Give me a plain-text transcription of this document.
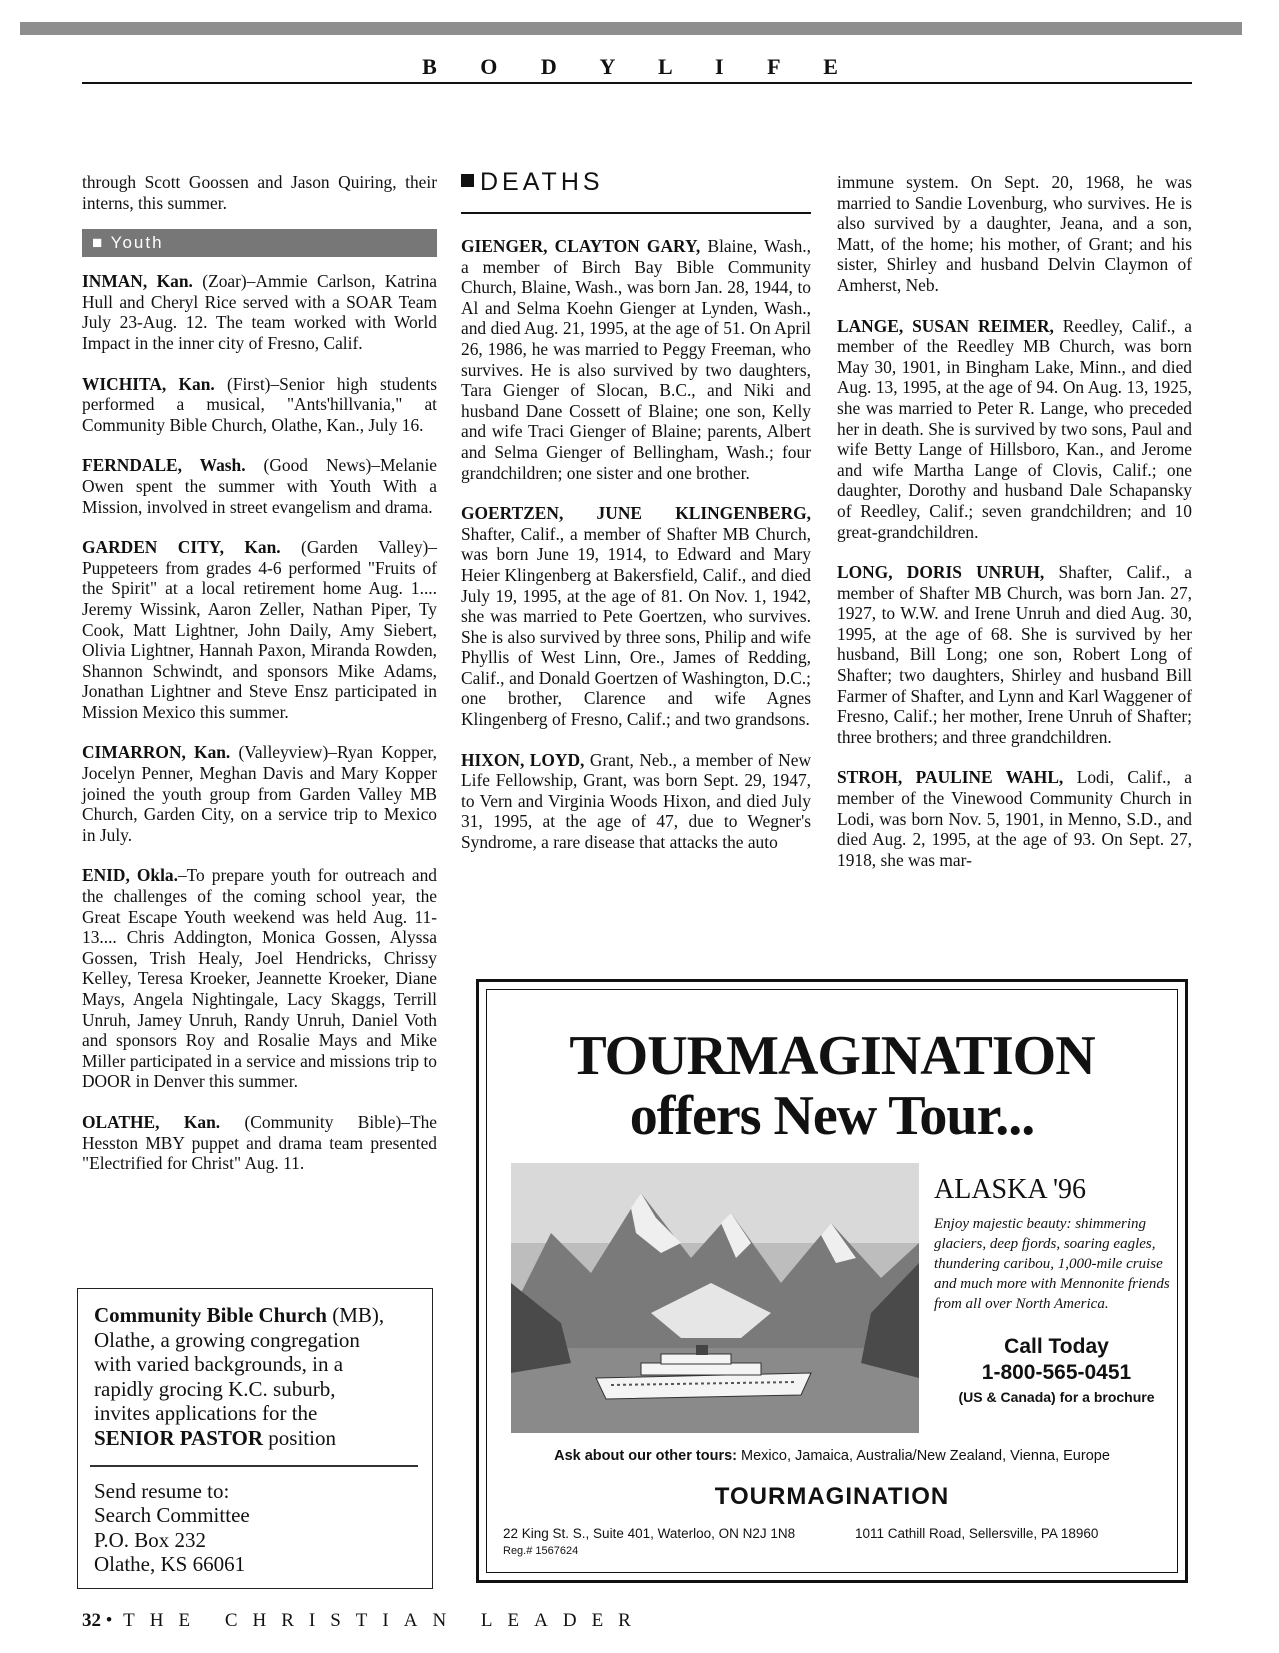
B O D Y L I F E

through Scott Goossen and Jason Quiring, their interns, this summer.

■ Youth

INMAN, Kan. (Zoar)–Ammie Carlson, Katrina Hull and Cheryl Rice served with a SOAR Team July 23-Aug. 12. The team worked with World Impact in the inner city of Fresno, Calif.

WICHITA, Kan. (First)–Senior high students performed a musical, "Ants'hillvania," at Community Bible Church, Olathe, Kan., July 16.

FERNDALE, Wash. (Good News)–Melanie Owen spent the summer with Youth With a Mission, involved in street evangelism and drama.

GARDEN CITY, Kan. (Garden Valley)–Puppeteers from grades 4-6 performed "Fruits of the Spirit" at a local retirement home Aug. 1.... Jeremy Wissink, Aaron Zeller, Nathan Piper, Ty Cook, Matt Lightner, John Daily, Amy Siebert, Olivia Lightner, Hannah Paxon, Miranda Rowden, Shannon Schwindt, and sponsors Mike Adams, Jonathan Lightner and Steve Ensz participated in Mission Mexico this summer.

CIMARRON, Kan. (Valleyview)–Ryan Kopper, Jocelyn Penner, Meghan Davis and Mary Kopper joined the youth group from Garden Valley MB Church, Garden City, on a service trip to Mexico in July.

ENID, Okla.–To prepare youth for outreach and the challenges of the coming school year, the Great Escape Youth weekend was held Aug. 11-13.... Chris Addington, Monica Gossen, Alyssa Gossen, Trish Healy, Joel Hendricks, Chrissy Kelley, Teresa Kroeker, Jeannette Kroeker, Diane Mays, Angela Nightingale, Lacy Skaggs, Terrill Unruh, Jamey Unruh, Randy Unruh, Daniel Voth and sponsors Roy and Rosalie Mays and Mike Miller participated in a service and missions trip to DOOR in Denver this summer.

OLATHE, Kan. (Community Bible)–The Hesston MBY puppet and drama team presented "Electrified for Christ" Aug. 11.

DEATHS

GIENGER, CLAYTON GARY, Blaine, Wash., a member of Birch Bay Bible Community Church, Blaine, Wash., was born Jan. 28, 1944, to Al and Selma Koehn Gienger at Lynden, Wash., and died Aug. 21, 1995, at the age of 51. On April 26, 1986, he was married to Peggy Freeman, who survives. He is also survived by two daughters, Tara Gienger of Slocan, B.C., and Niki and husband Dane Cossett of Blaine; one son, Kelly and wife Traci Gienger of Blaine; parents, Albert and Selma Gienger of Bellingham, Wash.; four grandchildren; one sister and one brother.

GOERTZEN, JUNE KLINGENBERG, Shafter, Calif., a member of Shafter MB Church, was born June 19, 1914, to Edward and Mary Heier Klingenberg at Bakersfield, Calif., and died July 19, 1995, at the age of 81. On Nov. 1, 1942, she was married to Pete Goertzen, who survives. She is also survived by three sons, Philip and wife Phyllis of West Linn, Ore., James of Redding, Calif., and Donald Goertzen of Washington, D.C.; one brother, Clarence and wife Agnes Klingenberg of Fresno, Calif.; and two grandsons.

HIXON, LOYD, Grant, Neb., a member of New Life Fellowship, Grant, was born Sept. 29, 1947, to Vern and Virginia Woods Hixon, and died July 31, 1995, at the age of 47, due to Wegner's Syndrome, a rare disease that attacks the auto

immune system. On Sept. 20, 1968, he was married to Sandie Lovenburg, who survives. He is also survived by a daughter, Jeana, and a son, Matt, of the home; his mother, of Grant; and his sister, Shirley and husband Delvin Claymon of Amherst, Neb.

LANGE, SUSAN REIMER, Reedley, Calif., a member of the Reedley MB Church, was born May 30, 1901, in Bingham Lake, Minn., and died Aug. 13, 1995, at the age of 94. On Aug. 13, 1925, she was married to Peter R. Lange, who preceded her in death. She is survived by two sons, Paul and wife Betty Lange of Hillsboro, Kan., and Jerome and wife Martha Lange of Clovis, Calif.; one daughter, Dorothy and husband Dale Schapansky of Reedley, Calif.; seven grandchildren; and 10 great-grandchildren.

LONG, DORIS UNRUH, Shafter, Calif., a member of Shafter MB Church, was born Jan. 27, 1927, to W.W. and Irene Unruh and died Aug. 30, 1995, at the age of 68. She is survived by her husband, Bill Long; one son, Robert Long of Shafter; two daughters, Shirley and husband Bill Farmer of Shafter, and Lynn and Karl Waggener of Fresno, Calif.; her mother, Irene Unruh of Shafter; three brothers; and three grandchildren.

STROH, PAULINE WAHL, Lodi, Calif., a member of the Vinewood Community Church in Lodi, was born Nov. 5, 1901, in Menno, S.D., and died Aug. 2, 1995, at the age of 93. On Sept. 27, 1918, she was mar-

Community Bible Church (MB),
Olathe, a growing congregation
with varied backgrounds, in a
rapidly grocing K.C. suburb,
invites applications for the
SENIOR PASTOR position
Send resume to:
Search Committee
P.O. Box 232
Olathe, KS 66061
TOURMAGINATION
offers New Tour...
ALASKA '96
Enjoy majestic beauty: shimmering glaciers, deep fjords, soaring eagles, thundering caribou, 1,000-mile cruise and much more with Mennonite friends from all over North America.
Call Today
1-800-565-0451
(US & Canada) for a brochure
Ask about our other tours: Mexico, Jamaica, Australia/New Zealand, Vienna, Europe
TOURMAGINATION
22 King St. S., Suite 401, Waterloo, ON N2J 1N8	1011 Cathill Road, Sellersville, PA 18960
Reg.# 1567624
32 • THE CHRISTIAN LEADER
